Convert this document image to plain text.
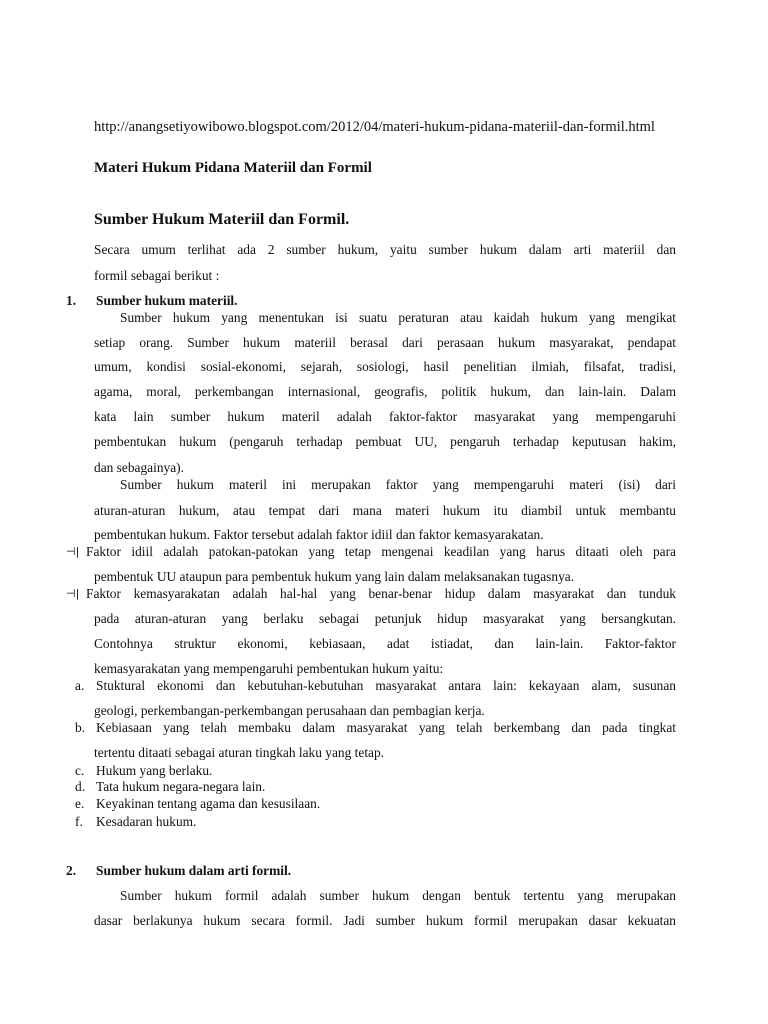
http://anangsetiyowibowo.blogspot.com/2012/04/materi-hukum-pidana-materiil-dan-formil.html

Materi Hukum Pidana Materiil dan Formil

Sumber Hukum Materiil dan Formil.

Secara umum terlihat ada 2 sumber hukum, yaitu sumber hukum dalam arti materiil dan

formil sebagai berikut :

1. Sumber hukum materiil.

Sumber hukum yang menentukan isi suatu peraturan atau kaidah hukum yang mengikat

setiap orang. Sumber hukum materiil berasal dari perasaan hukum masyarakat, pendapat

umum, kondisi sosial-ekonomi, sejarah, sosiologi, hasil penelitian ilmiah, filsafat, tradisi,

agama, moral, perkembangan internasional, geografis, politik hukum, dan lain-lain. Dalam

kata lain sumber hukum materil adalah faktor-faktor masyarakat yang mempengaruhi

pembentukan hukum (pengaruh terhadap pembuat UU, pengaruh terhadap keputusan hakim,

dan sebagainya).

Sumber hukum materil ini merupakan faktor yang mempengaruhi materi (isi) dari

aturan-aturan hukum, atau tempat dari mana materi hukum itu diambil untuk membantu

pembentukan hukum. Faktor tersebut adalah faktor idiil dan faktor kemasyarakatan.

⊣| Faktor idiil adalah patokan-patokan yang tetap mengenai keadilan yang harus ditaati oleh para

pembentuk UU ataupun para pembentuk hukum yang lain dalam melaksanakan tugasnya.

⊣| Faktor kemasyarakatan adalah hal-hal yang benar-benar hidup dalam masyarakat dan tunduk

pada aturan-aturan yang berlaku sebagai petunjuk hidup masyarakat yang bersangkutan.

Contohnya struktur ekonomi, kebiasaan, adat istiadat, dan lain-lain. Faktor-faktor

kemasyarakatan yang mempengaruhi pembentukan hukum yaitu:

a. Stuktural ekonomi dan kebutuhan-kebutuhan masyarakat antara lain: kekayaan alam, susunan

geologi, perkembangan-perkembangan perusahaan dan pembagian kerja.

b. Kebiasaan yang telah membaku dalam masyarakat yang telah berkembang dan pada tingkat

tertentu ditaati sebagai aturan tingkah laku yang tetap.

c. Hukum yang berlaku.

d. Tata hukum negara-negara lain.

e. Keyakinan tentang agama dan kesusilaan.

f. Kesadaran hukum.

2. Sumber hukum dalam arti formil.

Sumber hukum formil adalah sumber hukum dengan bentuk tertentu yang merupakan

dasar berlakunya hukum secara formil. Jadi sumber hukum formil merupakan dasar kekuatan
